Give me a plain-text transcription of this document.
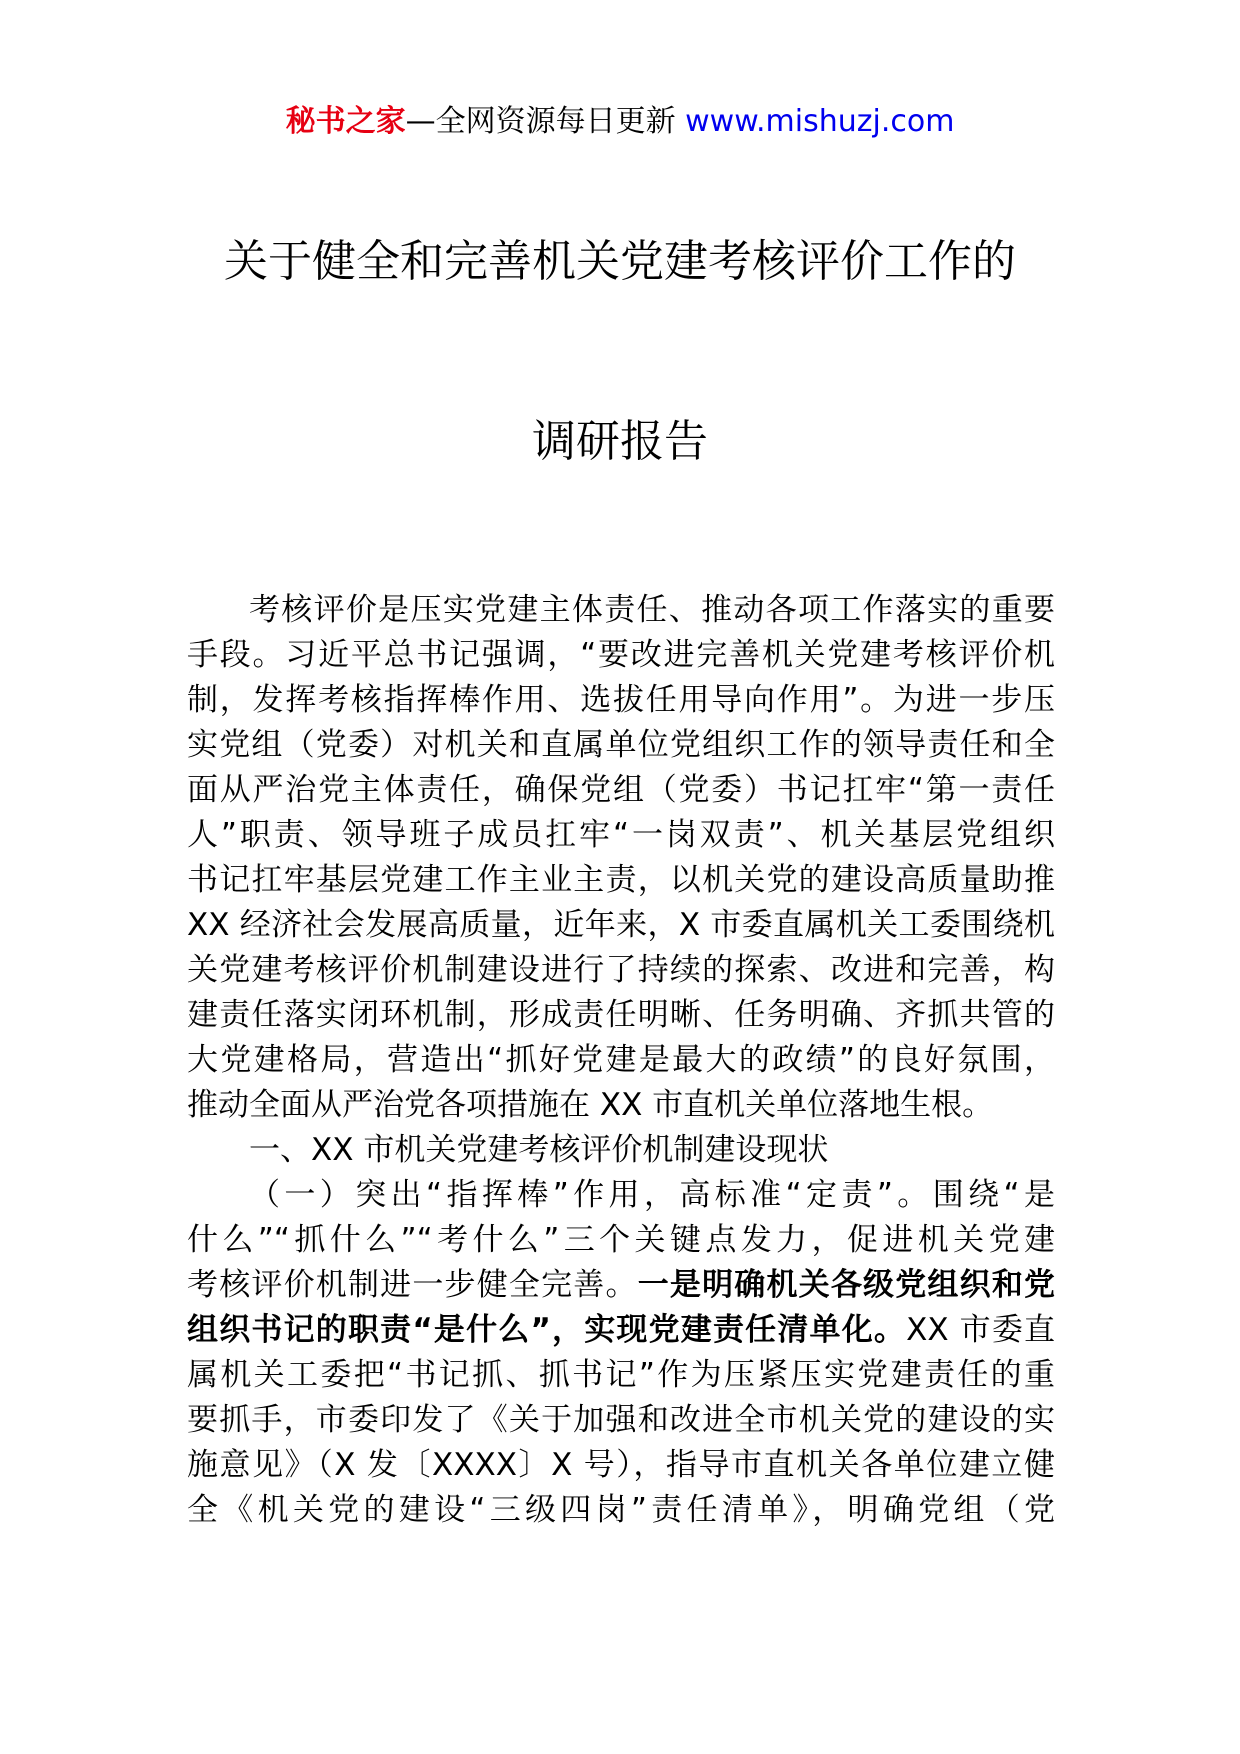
秘书之家—全网资源每日更新 www.mishuzj.com
关于健全和完善机关党建考核评价工作的
调研报告
考核评价是压实党建主体责任、推动各项工作落实的重要
手段。习近平总书记强调，“要改进完善机关党建考核评价机
制，发挥考核指挥棒作用、选拔任用导向作用”。为进一步压
实党组（党委）对机关和直属单位党组织工作的领导责任和全
面从严治党主体责任，确保党组（党委）书记扛牢“第一责任
人”职责、领导班子成员扛牢“一岗双责”、机关基层党组织
书记扛牢基层党建工作主业主责，以机关党的建设高质量助推
XX 经济社会发展高质量，近年来，X 市委直属机关工委围绕机
关党建考核评价机制建设进行了持续的探索、改进和完善，构
建责任落实闭环机制，形成责任明晰、任务明确、齐抓共管的
大党建格局，营造出“抓好党建是最大的政绩”的良好氛围，
推动全面从严治党各项措施在 XX 市直机关单位落地生根。
一、XX 市机关党建考核评价机制建设现状
（一）突出“指挥棒”作用，高标准“定责”。围绕“是
什么”“抓什么”“考什么”三个关键点发力，促进机关党建
考核评价机制进一步健全完善。一是明确机关各级党组织和党
组织书记的职责“是什么”，实现党建责任清单化。XX 市委直
属机关工委把“书记抓、抓书记”作为压紧压实党建责任的重
要抓手，市委印发了《关于加强和改进全市机关党的建设的实
施意见》（X 发〔XXXX〕X 号），指导市直机关各单位建立健
全《机关党的建设“三级四岗”责任清单》，明确党组（党
